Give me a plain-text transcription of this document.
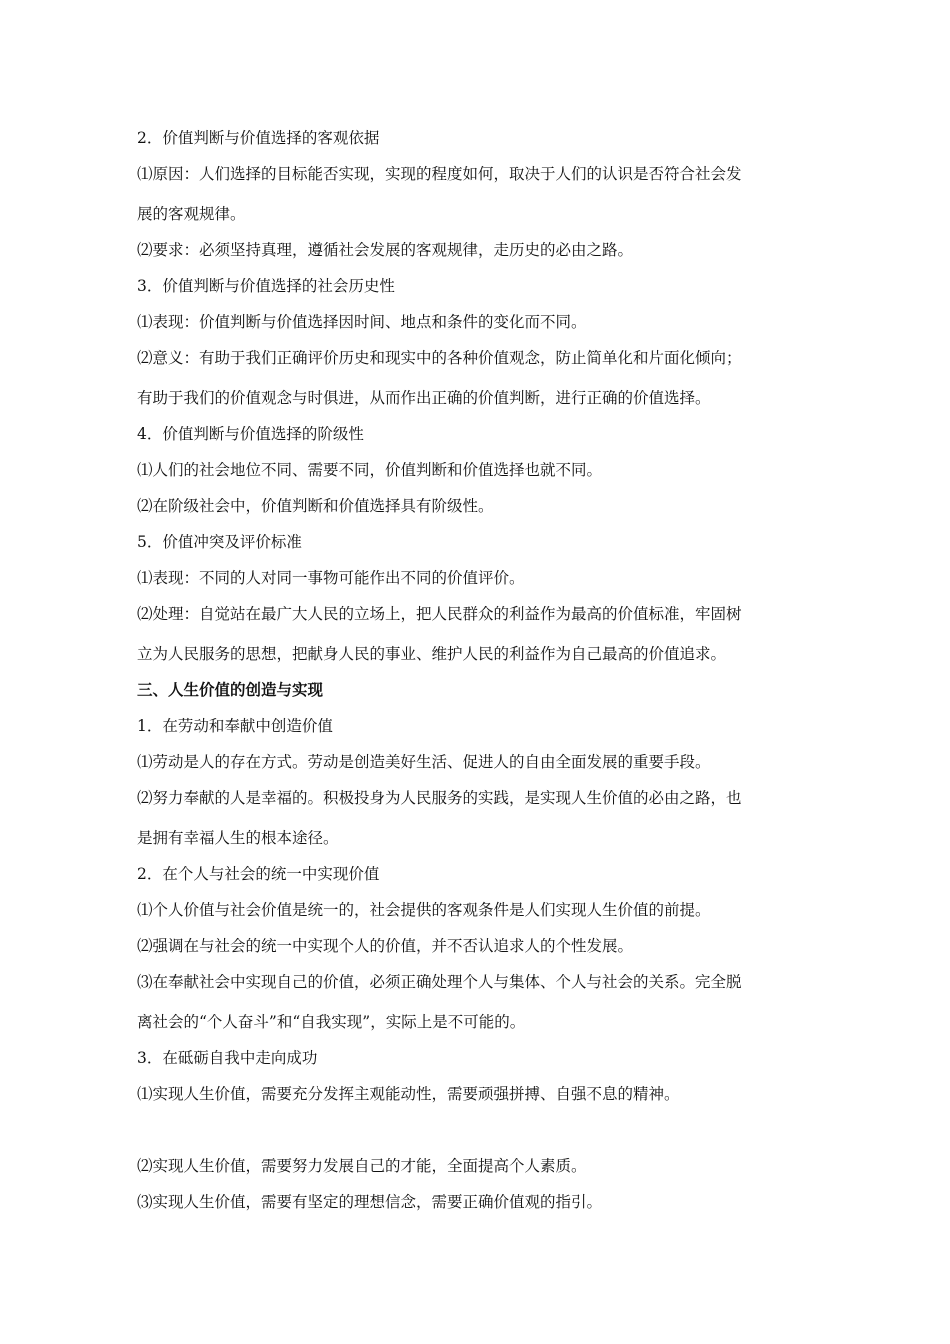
2．价值判断与价值选择的客观依据
⑴原因：人们选择的目标能否实现，实现的程度如何，取决于人们的认识是否符合社会发
展的客观规律。
⑵要求：必须坚持真理，遵循社会发展的客观规律，走历史的必由之路。
3．价值判断与价值选择的社会历史性
⑴表现：价值判断与价值选择因时间、地点和条件的变化而不同。
⑵意义：有助于我们正确评价历史和现实中的各种价值观念，防止简单化和片面化倾向；
有助于我们的价值观念与时俱进，从而作出正确的价值判断，进行正确的价值选择。
4．价值判断与价值选择的阶级性
⑴人们的社会地位不同、需要不同，价值判断和价值选择也就不同。
⑵在阶级社会中，价值判断和价值选择具有阶级性。
5．价值冲突及评价标准
⑴表现：不同的人对同一事物可能作出不同的价值评价。
⑵处理：自觉站在最广大人民的立场上，把人民群众的利益作为最高的价值标准，牢固树
立为人民服务的思想，把献身人民的事业、维护人民的利益作为自己最高的价值追求。
三、人生价值的创造与实现
1．在劳动和奉献中创造价值
⑴劳动是人的存在方式。劳动是创造美好生活、促进人的自由全面发展的重要手段。
⑵努力奉献的人是幸福的。积极投身为人民服务的实践，是实现人生价值的必由之路，也
是拥有幸福人生的根本途径。
2．在个人与社会的统一中实现价值
⑴个人价值与社会价值是统一的，社会提供的客观条件是人们实现人生价值的前提。
⑵强调在与社会的统一中实现个人的价值，并不否认追求人的个性发展。
⑶在奉献社会中实现自己的价值，必须正确处理个人与集体、个人与社会的关系。完全脱
离社会的“个人奋斗”和“自我实现”，实际上是不可能的。
3．在砥砺自我中走向成功
⑴实现人生价值，需要充分发挥主观能动性，需要顽强拼搏、自强不息的精神。
⑵实现人生价值，需要努力发展自己的才能，全面提高个人素质。
⑶实现人生价值，需要有坚定的理想信念，需要正确价值观的指引。
